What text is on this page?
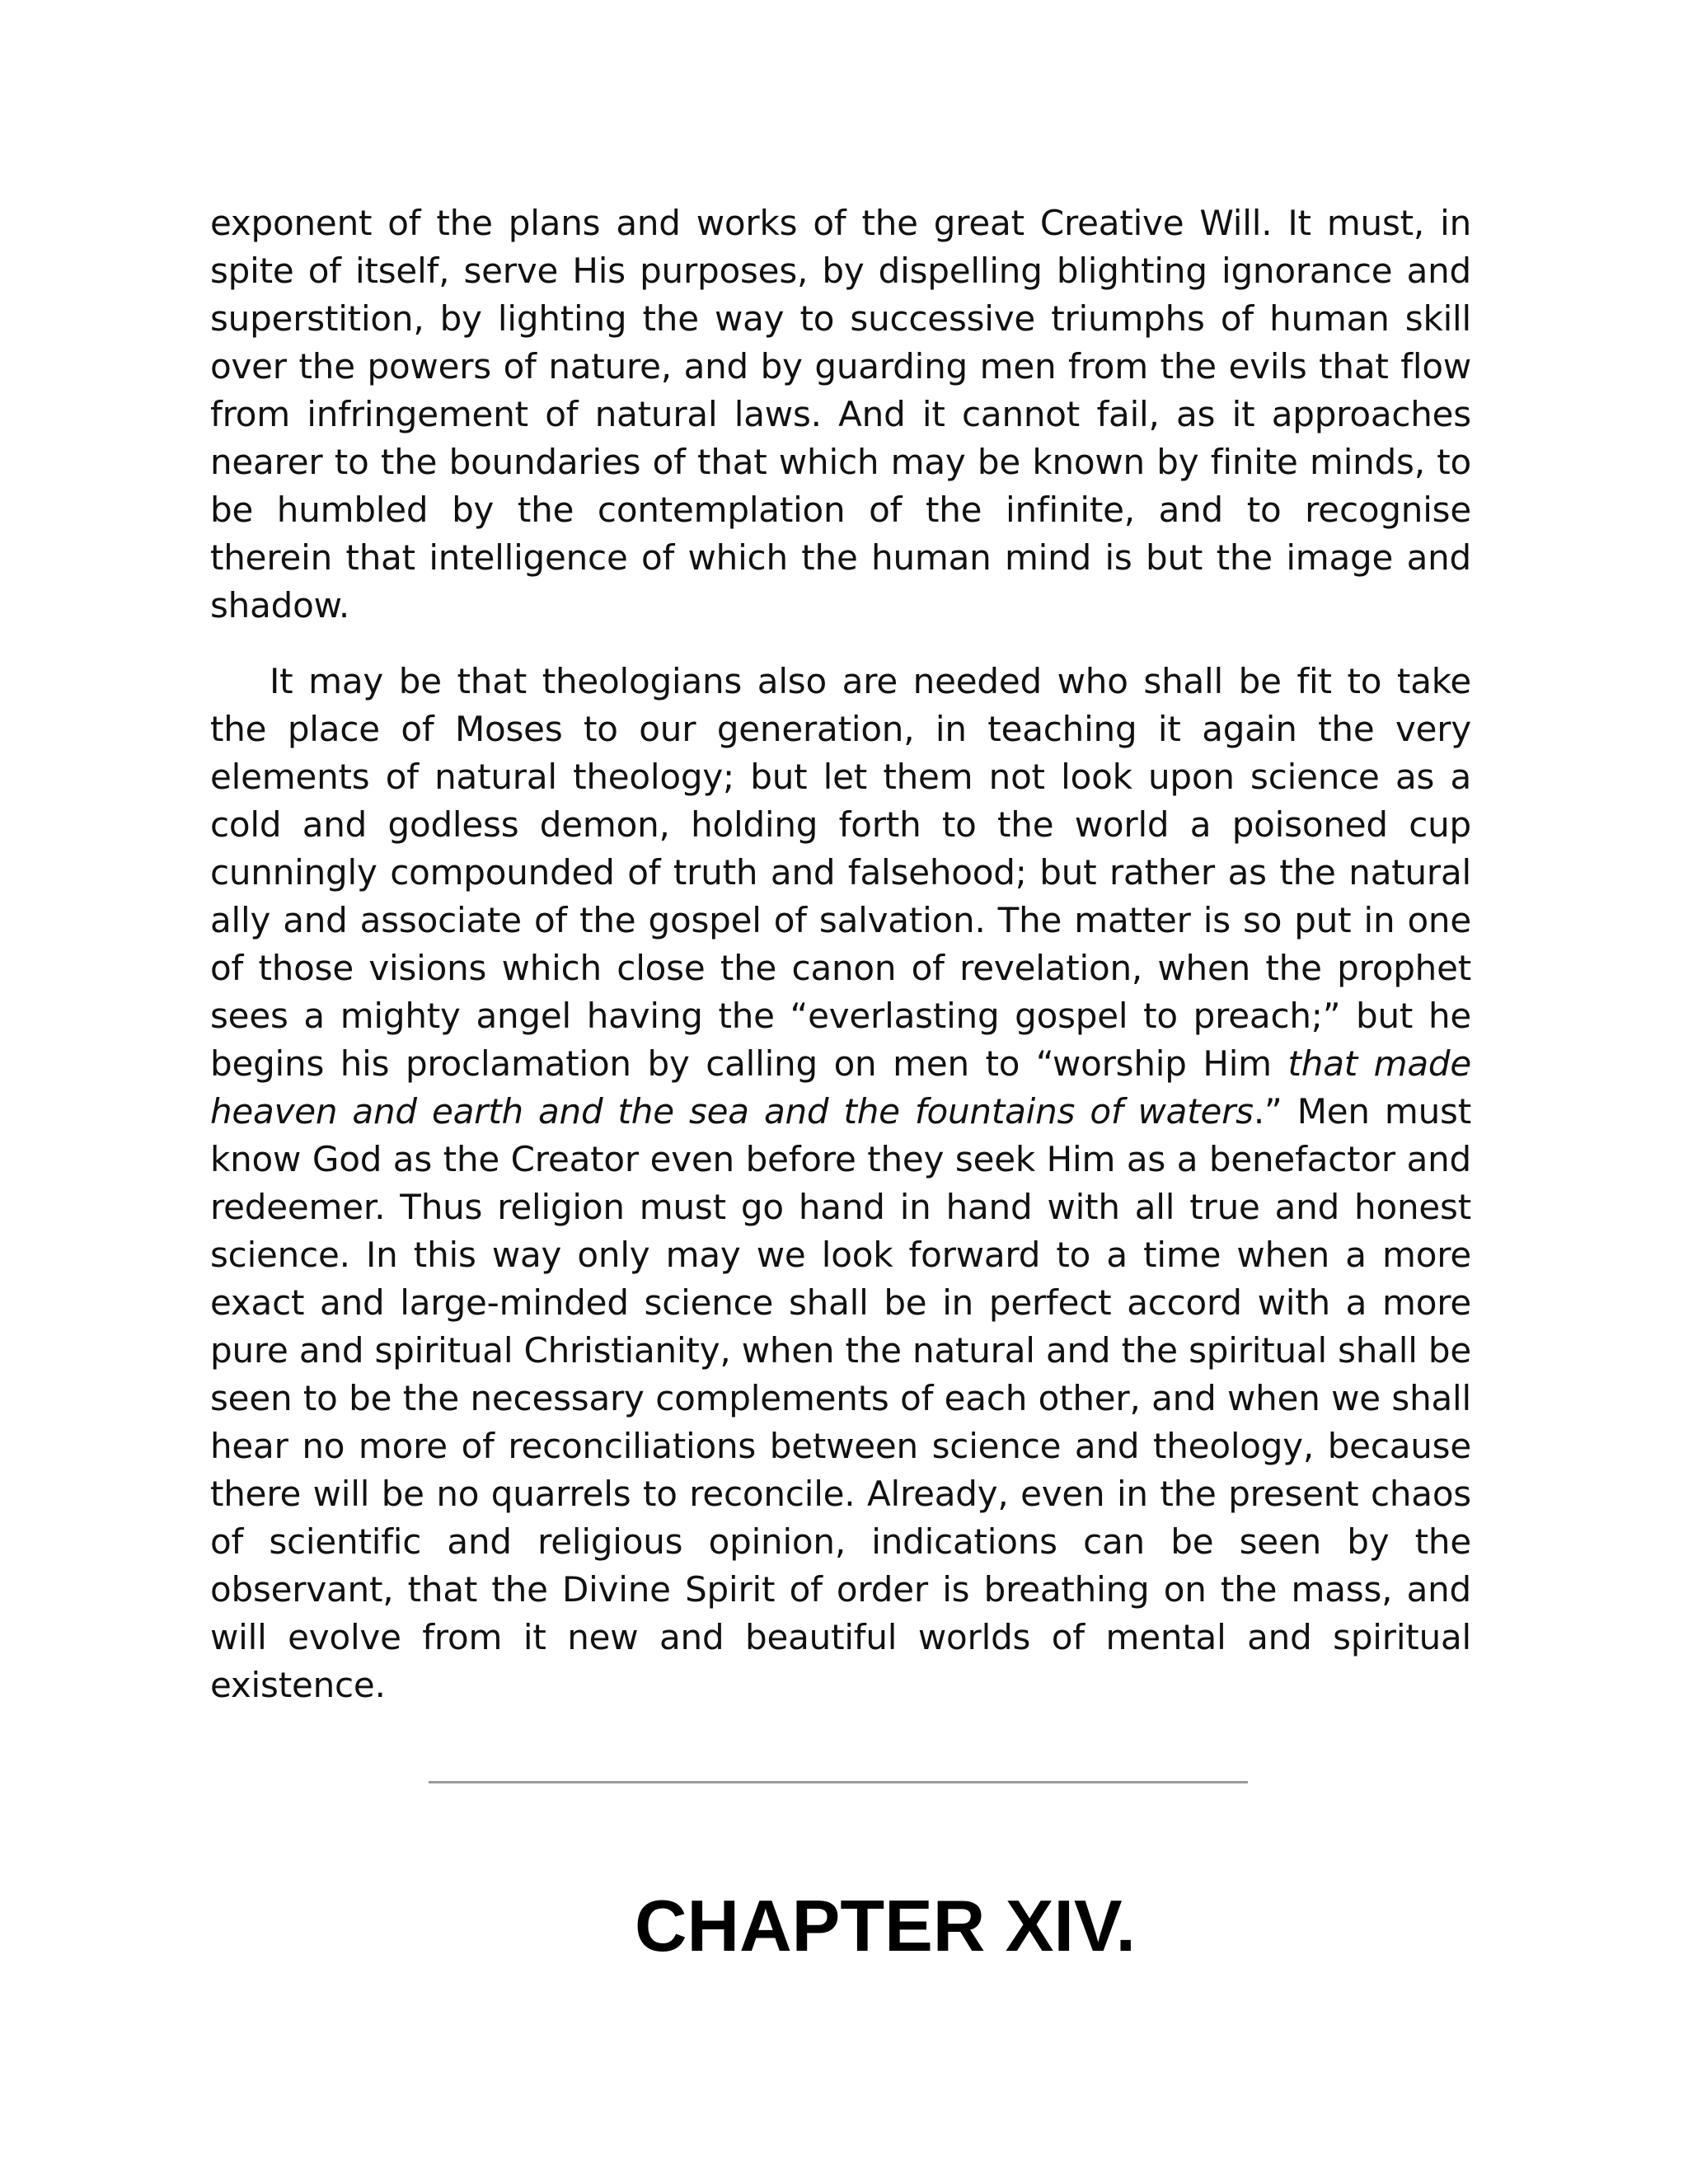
exponent of the plans and works of the great Creative Will. It must, in spite of itself, serve His purposes, by dispelling blighting ignorance and superstition, by lighting the way to successive triumphs of human skill over the powers of nature, and by guarding men from the evils that flow from infringement of natural laws. And it cannot fail, as it approaches nearer to the boundaries of that which may be known by finite minds, to be humbled by the contemplation of the infinite, and to recognise therein that intelligence of which the human mind is but the image and shadow.

It may be that theologians also are needed who shall be fit to take the place of Moses to our generation, in teaching it again the very elements of natural theology; but let them not look upon science as a cold and godless demon, holding forth to the world a poisoned cup cunningly compounded of truth and falsehood; but rather as the natural ally and associate of the gospel of salvation. The matter is so put in one of those visions which close the canon of revelation, when the prophet sees a mighty angel having the “everlasting gospel to preach;” but he begins his proclamation by calling on men to “worship Him that made heaven and earth and the sea and the fountains of waters.” Men must know God as the Creator even before they seek Him as a benefactor and redeemer. Thus religion must go hand in hand with all true and honest science. In this way only may we look forward to a time when a more exact and large-minded science shall be in perfect accord with a more pure and spiritual Christianity, when the natural and the spiritual shall be seen to be the necessary complements of each other, and when we shall hear no more of reconciliations between science and theology, because there will be no quarrels to reconcile. Already, even in the present chaos of scientific and religious opinion, indications can be seen by the observant, that the Divine Spirit of order is breathing on the mass, and will evolve from it new and beautiful worlds of mental and spiritual existence.

CHAPTER XIV.
